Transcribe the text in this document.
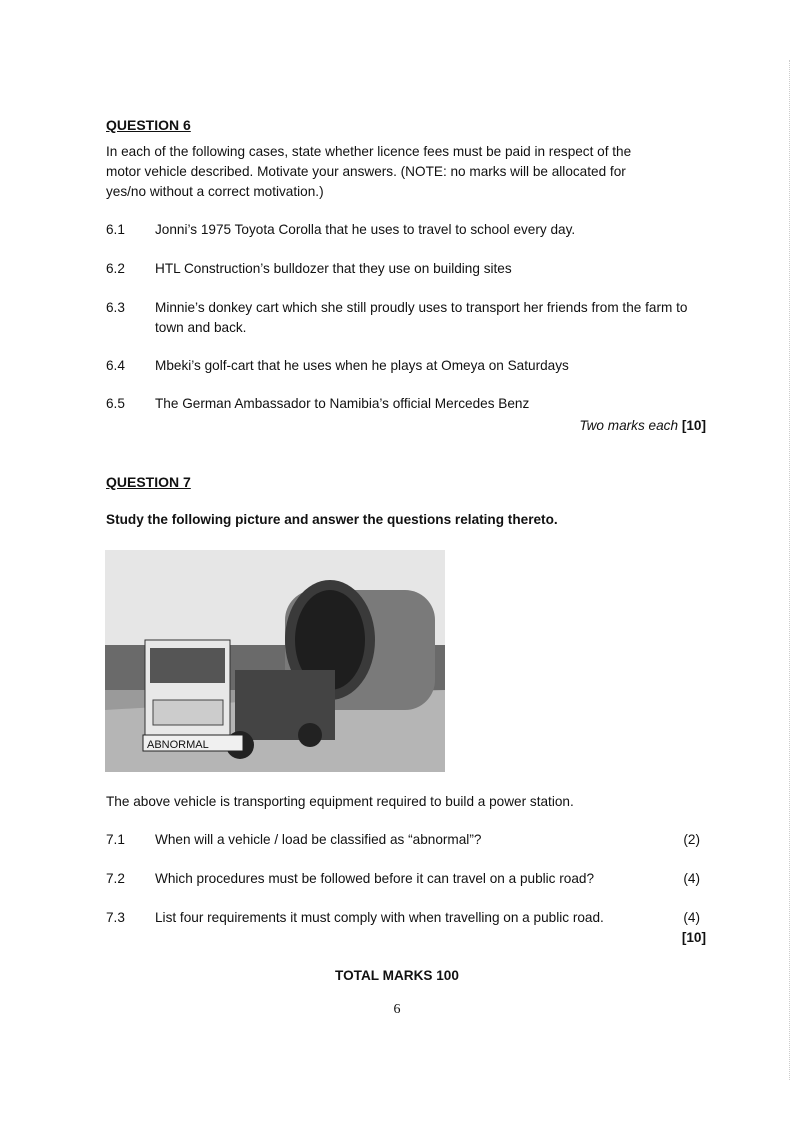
QUESTION 6
In each of the following cases, state whether licence fees must be paid in respect of the
motor vehicle described. Motivate your answers. (NOTE: no marks will be allocated for
yes/no without a correct motivation.)
6.1 Jonni’s 1975 Toyota Corolla that he uses to travel to school every day.
6.2 HTL Construction’s bulldozer that they use on building sites
6.3 Minnie’s donkey cart which she still proudly uses to transport her friends from the farm to town and back.
6.4 Mbeki’s golf-cart that he uses when he plays at Omeya on Saturdays
6.5 The German Ambassador to Namibia’s official Mercedes Benz
Two marks each [10]
QUESTION 7
Study the following picture and answer the questions relating thereto.
ABNORMAL
The above vehicle is transporting equipment required to build a power station.
7.1 When will a vehicle / load be classified as “abnormal”?	(2)
7.2 Which procedures must be followed before it can travel on a public road?	(4)
7.3 List four requirements it must comply with when travelling on a public road.	(4)
[10]
TOTAL MARKS 100
6
